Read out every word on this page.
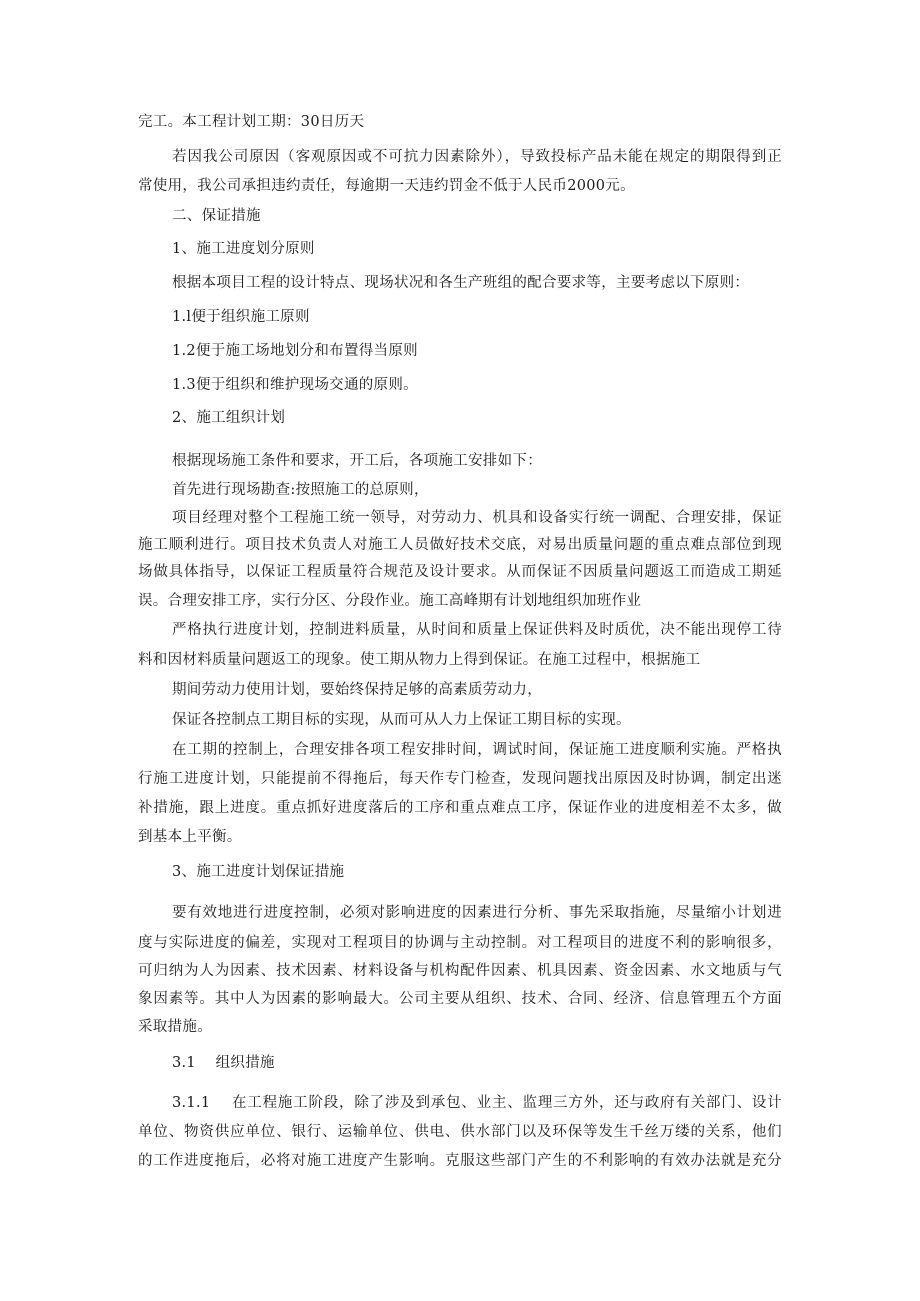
完工。本工程计划工期：30日历天
若因我公司原因（客观原因或不可抗力因素除外），导致投标产品未能在规定的期限得到正
常使用，我公司承担违约责任，每逾期一天违约罚金不低于人民币2000元。
二、保证措施
1、施工进度划分原则
根据本项目工程的设计特点、现场状况和各生产班组的配合要求等，主要考虑以下原则：
1.l便于组织施工原则
1.2便于施工场地划分和布置得当原则
1.3便于组织和维护现场交通的原则。
2、施工组织计划
根据现场施工条件和要求，开工后，各项施工安排如下：
首先进行现场勘查:按照施工的总原则，
项目经理对整个工程施工统一领导，对劳动力、机具和设备实行统一调配、合理安排，保证
施工顺利进行。项目技术负责人对施工人员做好技术交底，对易出质量问题的重点难点部位到现
场做具体指导，以保证工程质量符合规范及设计要求。从而保证不因质量问题返工而造成工期延
误。合理安排工序，实行分区、分段作业。施工高峰期有计划地组织加班作业
严格执行进度计划，控制进料质量，从时间和质量上保证供料及时质优，决不能出现停工待
料和因材料质量问题返工的现象。使工期从物力上得到保证。在施工过程中，根据施工
期间劳动力使用计划，要始终保持足够的高素质劳动力，
保证各控制点工期目标的实现，从而可从人力上保证工期目标的实现。
在工期的控制上，合理安排各项工程安排时间，调试时间，保证施工进度顺利实施。严格执
行施工进度计划，只能提前不得拖后，每天作专门检查，发现问题找出原因及时协调，制定出迷
补措施，跟上进度。重点抓好进度落后的工序和重点难点工序，保证作业的进度相差不太多，做
到基本上平衡。
3、施工进度计划保证措施
要有效地进行进度控制，必须对影响进度的因素进行分析、事先采取指施，尽量缩小计划进
度与实际进度的偏差，实现对工程项目的协调与主动控制。对工程项目的进度不利的影响很多，
可归纳为人为因素、技术因素、材料设备与机构配件因素、机具因素、资金因素、水文地质与气
象因素等。其中人为因素的影响最大。公司主要从组织、技术、合同、经济、信息管理五个方面
采取措施。
3.1    组织措施
3.1.1    在工程施工阶段，除了涉及到承包、业主、监理三方外，还与政府有关部门、设计
单位、物资供应单位、银行、运输单位、供电、供水部门以及环保等发生千丝万缕的关系，他们
的工作进度拖后，必将对施工进度产生影响。克服这些部门产生的不利影响的有效办法就是充分
